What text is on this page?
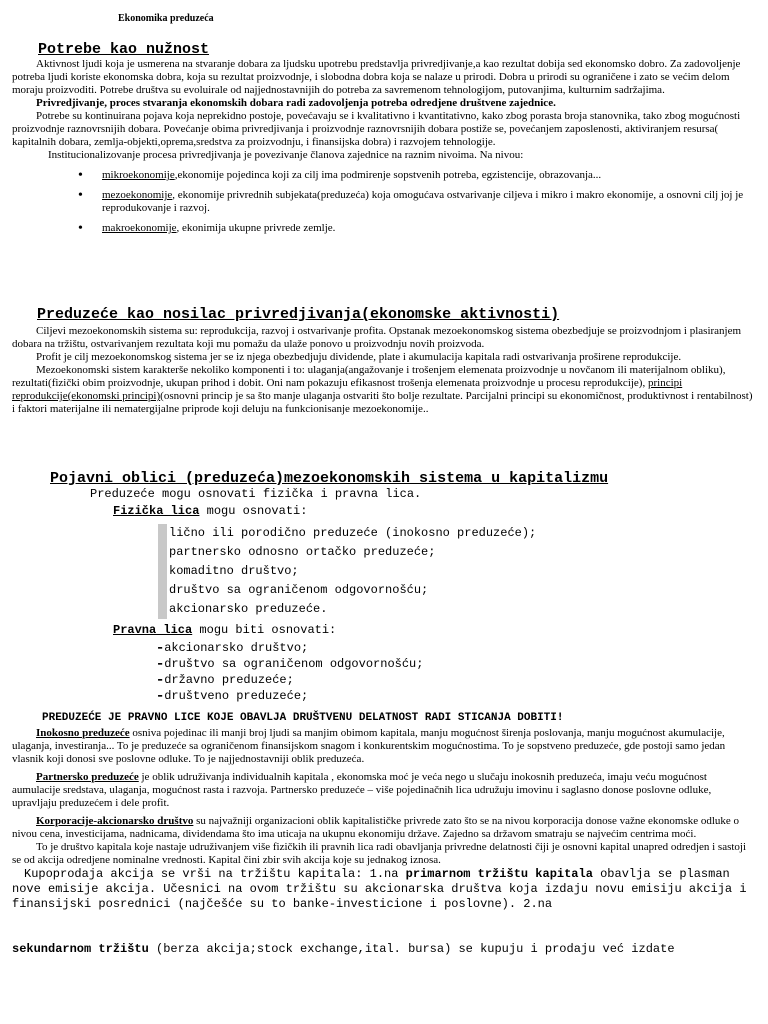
Ekonomika preduzeća
Potrebe kao nužnost

Aktivnost ljudi koja je usmerena na stvaranje dobara za ljudsku upotrebu predstavlja privredjivanje,a kao rezultat dobija sed ekonomsko dobro. Za zadovoljenje potreba ljudi koriste ekonomska dobra, koja su rezultat proizvodnje, i slobodna dobra koja se nalaze u prirodi. Dobra u prirodi su ograničene i zato se većim delom moraju proizvoditi. Potrebe društva su evoluirale od najjednostavnijih do potreba za savremenom tehnologijom, putovanjima, kulturnim sadržajima.

Privredjivanje, proces stvaranja ekonomskih dobara radi zadovoljenja potreba odredjene društvene zajednice.

Potrebe su kontinuirana pojava koja neprekidno postoje, povećavaju se i kvalitativno i kvantitativno, kako zbog porasta broja stanovnika, tako zbog mogućnosti proizvodnje raznovrsnijih dobara. Povećanje obima privredjivanja i proizvodnje raznovrsnijih dobara postiže se, povećanjem zaposlenosti, aktiviranjem resursa( kapitalnih dobara, zemlja-objekti,oprema,sredstva za proizvodnju, i finansijska dobra) i razvojem tehnologije.

Institucionalizovanje procesa privredjivanja je povezivanje članova zajednice na raznim nivoima. Na nivou:

• mikroekonomije,ekonomije pojedinca koji za cilj ima podmirenje sopstvenih potreba, egzistencije, obrazovanja...
• mezoekonomije, ekonomije privrednih subjekata(preduzeća) koja omogućava ostvarivanje ciljeva i mikro i makro ekonomije, a osnovni cilj joj je reprodukovanje i razvoj.
• makroekonomije, ekonimija ukupne privrede zemlje.
Preduzeće kao nosilac privredjivanja(ekonomske aktivnosti)

Ciljevi mezoekonomskih sistema su: reprodukcija, razvoj i ostvarivanje profita. Opstanak mezoekonomskog sistema obezbedjuje se proizvodnjom i plasiranjem dobara na tržištu, ostvarivanjem rezultata koji mu pomažu da ulaže ponovo u proizvodnju novih proizvoda.

Profit je cilj mezoekonomskog sistema jer se iz njega obezbedjuju dividende, plate i akumulacija kapitala radi ostvarivanja proširene reprodukcije.

Mezoekonomski sistem karakterše nekoliko komponenti i to: ulaganja(angažovanje i trošenjem elemenata proizvodnje u novčanom ili materijalnom obliku), rezultati(fizički obim proizvodnje, ukupan prihod i dobit. Oni nam pokazuju efikasnost trošenja elemenata proizvodnje u procesu reprodukcije), principi reprodukcije(ekonomski principi)(osnovni princip je sa što manje ulaganja ostvariti što bolje rezultate. Parcijalni principi su ekonomičnost, produktivnost i rentabilnost) i faktori materijalne ili nematergijalne priprode koji deluju na funkcionisanje mezoekonomije..

Pojavni oblici (preduzeća)mezoekonomskih sistema u kapitalizmu
Preduzeće mogu osnovati fizička i pravna lica.
Fizička lica mogu osnovati:
lično ili porodično preduzeće (inokosno preduzeće);
partnersko odnosno ortačko preduzeće;
komaditno društvo;
društvo sa ograničenom odgovornošću;
akcionarsko preduzeće.
Pravna lica mogu biti osnovati:
▬ akcionarsko društvo;
▬ društvo sa ograničenom odgovornošću;
▬ državno preduzeće;
▬ društveno preduzeće;
PREDUZEĆE JE PRAVNO LICE KOJE OBAVLJA DRUŠTVENU DELATNOST RADI STICANJA DOBITI!

Inokosno preduzeće osniva pojedinac ili manji broj ljudi sa manjim obimom kapitala, manju mogućnost širenja poslovanja, manju mogućnost akumulacije, ulaganja, investiranja... To je preduzeće sa ograničenom finansijskom snagom i konkurentskim mogućnostima. To je sopstveno preduzeće, gde postoji samo jedan vlasnik koji donosi sve poslovne odluke. To je najjednostavniji oblik preduzeća.

Partnersko preduzeće je oblik udruživanja individualnih kapitala , ekonomska moć je veća nego u slučaju inokosnih preduzeća, imaju veću mogućnost aumulacije sredstava, ulaganja, mogućnost rasta i razvoja. Partnersko preduzeće – više pojedinačnih lica udružuju imovinu i saglasno donose poslovne odluke, upravljaju preduzećem i dele profit.

Korporacije-akcionarsko društvo su najvažniji organizacioni oblik kapitalističke privrede zato što se na nivou korporacija donose važne ekonomske odluke o nivou cena, investicijama, nadnicama, dividendama što ima uticaja na ukupnu ekonomiju države. Zajedno sa državom smatraju se najvećim centrima moći.

To je društvo kapitala koje nastaje udruživanjem više fizičkih ili pravnih lica radi obavljanja privredne delatnosti čiji je osnovni kapital unapred odredjen i sastoji se od akcija odredjene nominalne vrednosti. Kapital čini zbir svih akcija koje su jednakog iznosa.

Kupoprodaja akcija se vrši na tržištu kapitala: 1.na primarnom tržištu kapitala obavlja se plasman nove emisije akcija. Učesnici na ovom tržištu su akcionarska društva koja izdaju novu emisiju akcija i finansijski posrednici (najčešće su to banke-investicione i poslovne). 2.na

sekundarnom tržištu (berza akcija;stock exchange,ital. bursa) se kupuju i prodaju već izdate
